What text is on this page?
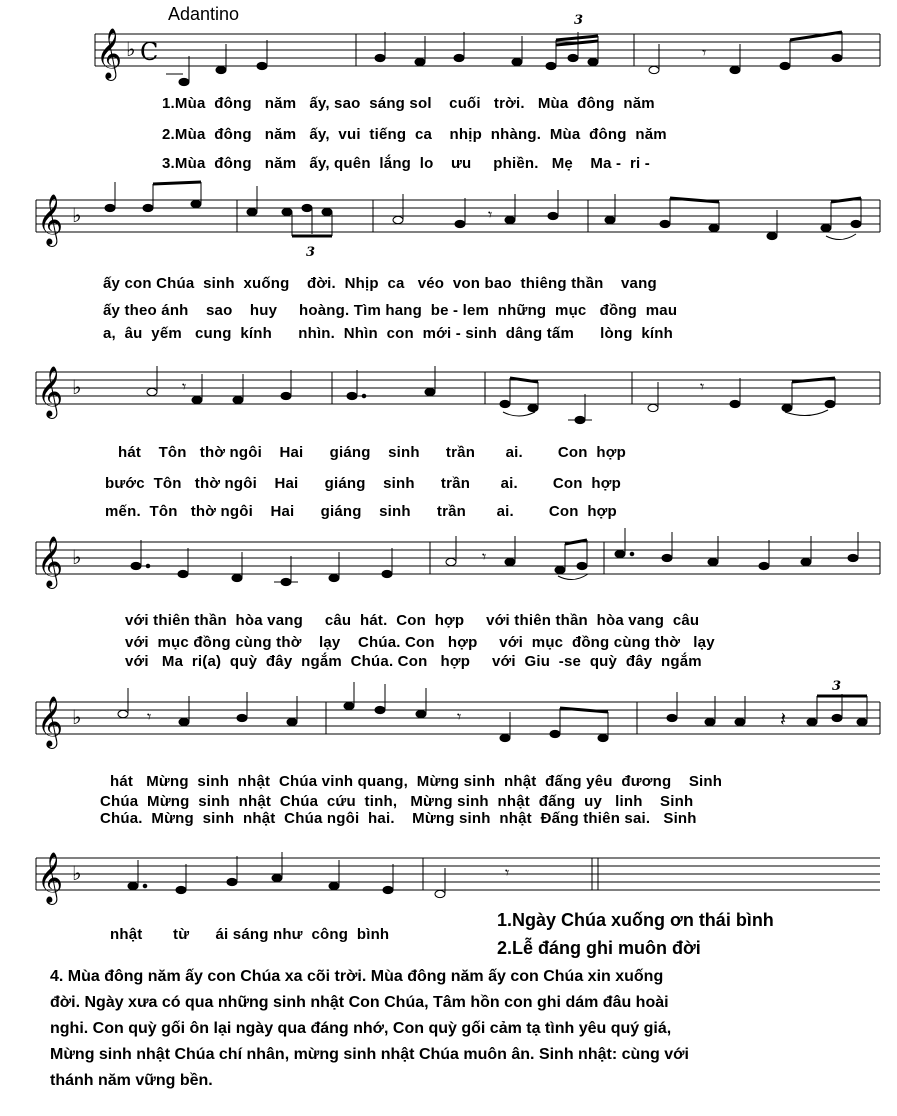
Adantino
𝄞 ♭ C
3
𝄾
1.Mùa  đông   năm   ấy, sao  sáng sol    cuối   trời.   Mùa  đông  năm
2.Mùa  đông   năm   ấy,  vui  tiếng  ca    nhịp  nhàng.  Mùa  đông  năm
3.Mùa  đông   năm   ấy, quên  lắng  lo    ưu     phiền.   Mẹ    Ma -  ri -
𝄞 ♭
3
𝄾
ấy con Chúa  sinh  xuống    đời.  Nhịp  ca   véo  von bao  thiêng thần    vang
ấy theo ánh    sao    huy     hoàng. Tìm hang  be - lem  những  mục   đồng  mau
a,  âu  yếm   cung  kính      nhìn.  Nhìn  con  mới - sinh  dâng tấm      lòng  kính
𝄞 ♭	𝄾	𝄾
hát    Tôn   thờ ngôi    Hai      giáng    sinh      trần       ai.        Con  hợp
bước  Tôn   thờ ngôi    Hai      giáng    sinh      trần       ai.        Con  hợp
mến.  Tôn   thờ ngôi    Hai      giáng    sinh      trần       ai.        Con  hợp
𝄞 ♭	𝄾
với thiên thần  hòa vang     câu  hát.  Con  hợp     với thiên thần  hòa vang  câu
với  mục đồng cùng thờ    lạy    Chúa. Con   hợp     với  mục  đồng cùng thờ   lạy
với   Ma  ri(a)  quỳ  đây  ngắm  Chúa. Con   hợp     với  Giu  -se  quỳ  đây  ngắm
𝄞 ♭
3
𝄾	𝄾	𝄽
hát   Mừng  sinh  nhật  Chúa vinh quang,  Mừng sinh  nhật  đấng yêu  đương    Sinh
Chúa  Mừng  sinh  nhật  Chúa  cứu  tinh,   Mừng sinh  nhật  đấng  uy   linh    Sinh
Chúa.  Mừng  sinh  nhật  Chúa ngôi  hai.    Mừng sinh  nhật  Đấng thiên sai.   Sinh
𝄞 ♭	𝄾
nhật       từ      ái sáng như  công  bình
1.Ngày Chúa xuống ơn thái bình
2.Lễ đáng ghi muôn đời
4. Mùa đông năm ấy con Chúa xa cõi trời. Mùa đông năm ấy con Chúa xin xuống
đời. Ngày xưa có qua những sinh nhật Con Chúa, Tâm hồn con ghi dám đâu hoài
nghi. Con quỳ gối ôn lại ngày qua đáng nhớ, Con quỳ gối cảm tạ tình yêu quý giá,
Mừng sinh nhật Chúa chí nhân, mừng sinh nhật Chúa muôn ân. Sinh nhật: cùng với
thánh năm vững bền.
